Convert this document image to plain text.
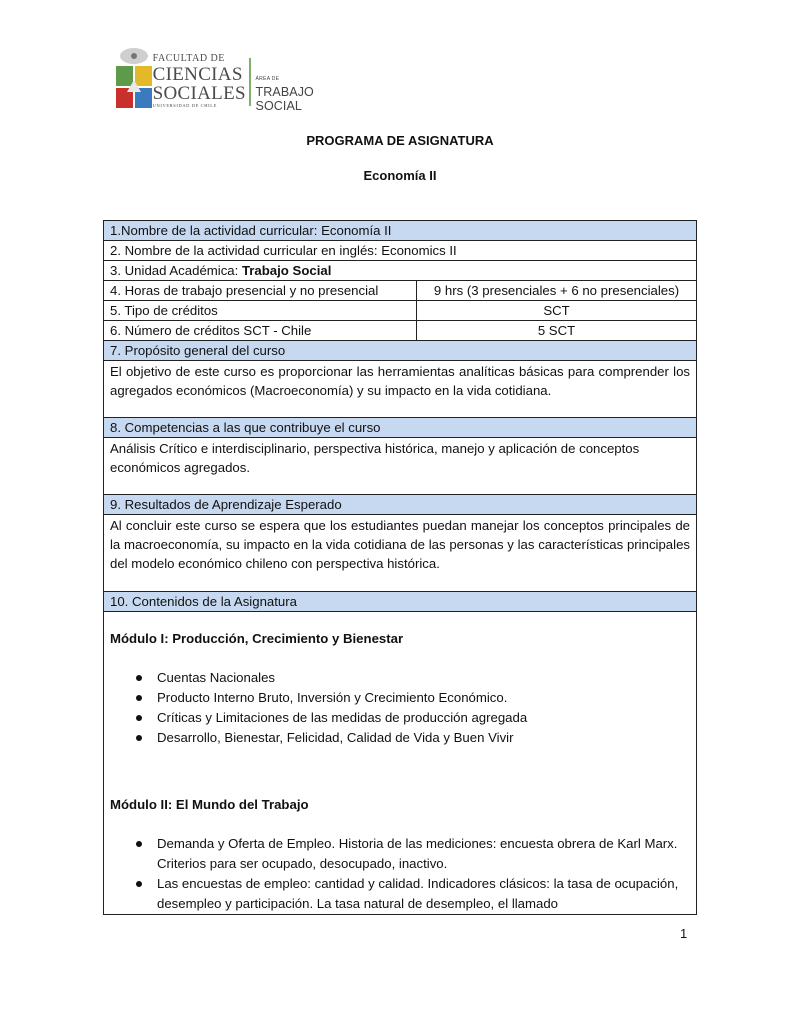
FACULTAD DE
CIENCIAS
SOCIALES
UNIVERSIDAD DE CHILE
ÁREA DE
TRABAJO SOCIAL
PROGRAMA DE ASIGNATURA
Economía II
1.Nombre de la actividad curricular: Economía II	
2. Nombre de la actividad curricular en inglés: Economics II	
3. Unidad Académica: Trabajo Social	
4. Horas de trabajo presencial y no presencial	9 hrs (3 presenciales + 6 no presenciales)
5. Tipo de créditos	SCT
6. Número de créditos SCT - Chile	5 SCT
7. Propósito general del curso	
El objetivo de este curso es proporcionar las herramientas analíticas básicas para comprender los agregados económicos (Macroeconomía) y su impacto en la vida cotidiana.	
8. Competencias a las que contribuye el curso	
Análisis Crítico e interdisciplinario, perspectiva histórica, manejo y aplicación de conceptos económicos agregados.	
9. Resultados de Aprendizaje Esperado	
Al concluir este curso se espera que los estudiantes puedan manejar los conceptos principales de la macroeconomía, su impacto en la vida cotidiana de las personas y las características principales del modelo económico chileno con perspectiva histórica.	
10. Contenidos de la Asignatura	

Módulo I: Producción, Crecimiento y Bienestar
Cuentas Nacionales
Producto Interno Bruto, Inversión y Crecimiento Económico.
Críticas y Limitaciones de las medidas de producción agregada
Desarrollo, Bienestar, Felicidad, Calidad de Vida y Buen Vivir
Módulo II: El Mundo del Trabajo
Demanda y Oferta de Empleo. Historia de las mediciones: encuesta obrera de Karl Marx. Criterios para ser ocupado, desocupado, inactivo.
Las encuestas de empleo: cantidad y calidad. Indicadores clásicos: la tasa de ocupación, desempleo y participación. La tasa natural de desempleo, el llamado
1
